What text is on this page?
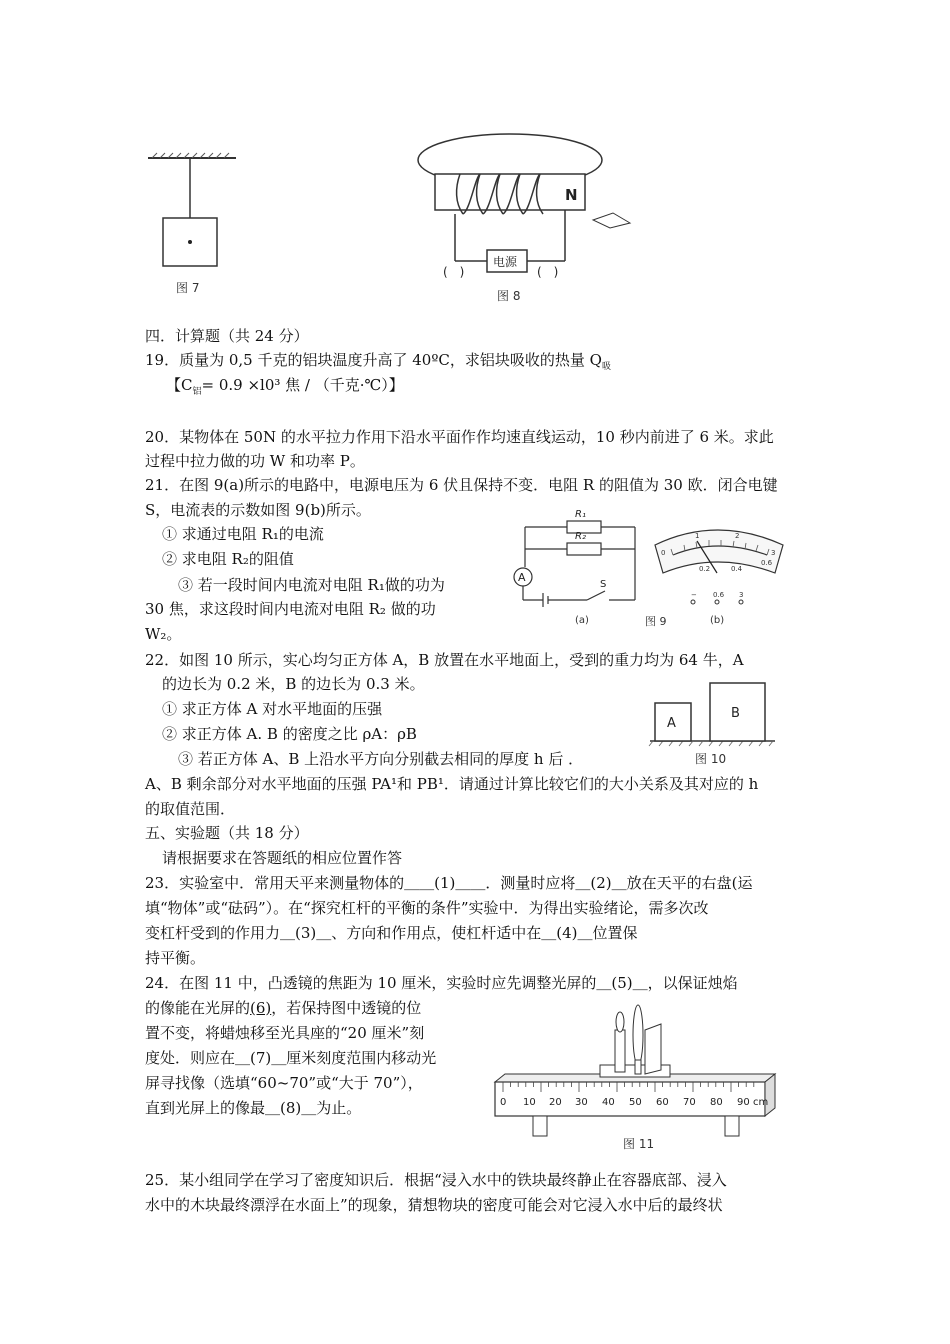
图 7
N
电源
(　)	(　)
图 8
四．计算题（共 24 分）
19．质量为 0,5 千克的铝块温度升高了 40ºC，求铝块吸收的热量 $Q_吸$
【$C_铝= 0.9 \times l0^3$ 焦 / （千克·℃）】
20．某物体在 50N 的水平拉力作用下沿水平面作作均速直线运动，10 秒内前进了 6 米。求此
过程中拉力做的功 W 和功率 P。
21．在图 9(a)所示的电路中，电源电压为 6 伏且保持不变．电阻 R 的阻值为 30 欧．闭合电键
S，电流表的示数如图 9(b)所示。
① 求通过电阻 R₁的电流
② 求电阻 R₂的阻值
③ 若一段时间内电流对电阻 R₁做的功为
30 焦，求这段时间内电流对电阻 R₂ 做的功
W₂。
R₁
R₂
A
S
(a)	图 9	(b)
0
1	2
3
0.2	0.4
0.6
− 0.6 3
22．如图 10 所示，实心均匀正方体 A，B 放置在水平地面上，受到的重力均为 64 牛，A
的边长为 0.2 米，B 的边长为 0.3 米。
① 求正方体 A 对水平地面的压强
② 求正方体 A. B 的密度之比 ρA：ρB
③ 若正方体 A、B 上沿水平方向分别截去相同的厚度 h 后 ．
A、B 剩余部分对水平地面的压强 PA¹和 PB¹．请通过计算比较它们的大小关系及其对应的 h
的取值范围．
A
B
图 10
五、实验题（共 18 分）
请根据要求在答题纸的相应位置作答
23．实验室中．常用天平来测量物体的＿＿(1)＿＿．测量时应将＿(2)＿放在天平的右盘(运
填“物体”或“砝码”）。在“探究杠杆的平衡的条件”实验中．为得出实验绪论，需多次改
变杠杆受到的作用力＿(3)＿、方向和作用点，使杠杆适中在＿(4)＿位置保
持平衡。
24．在图 11 中，凸透镜的焦距为 10 厘米，实验时应先调整光屏的＿(5)＿，以保证烛焰
的像能在光屏的(6)，若保持图中透镜的位
置不变，将蜡烛移至光具座的“20 厘米”刻
度处．则应在＿(7)＿厘米刻度范围内移动光
屏寻找像（选填“60~70”或“大于 70”），
直到光屏上的像最＿(8)＿为止。	0 10 20 30 40 50 60 70 80 90 cm
图 11
25．某小组同学在学习了密度知识后．根据“浸入水中的铁块最终静止在容器底部、浸入
水中的木块最终漂浮在水面上”的现象，猜想物块的密度可能会对它浸入水中后的最终状
